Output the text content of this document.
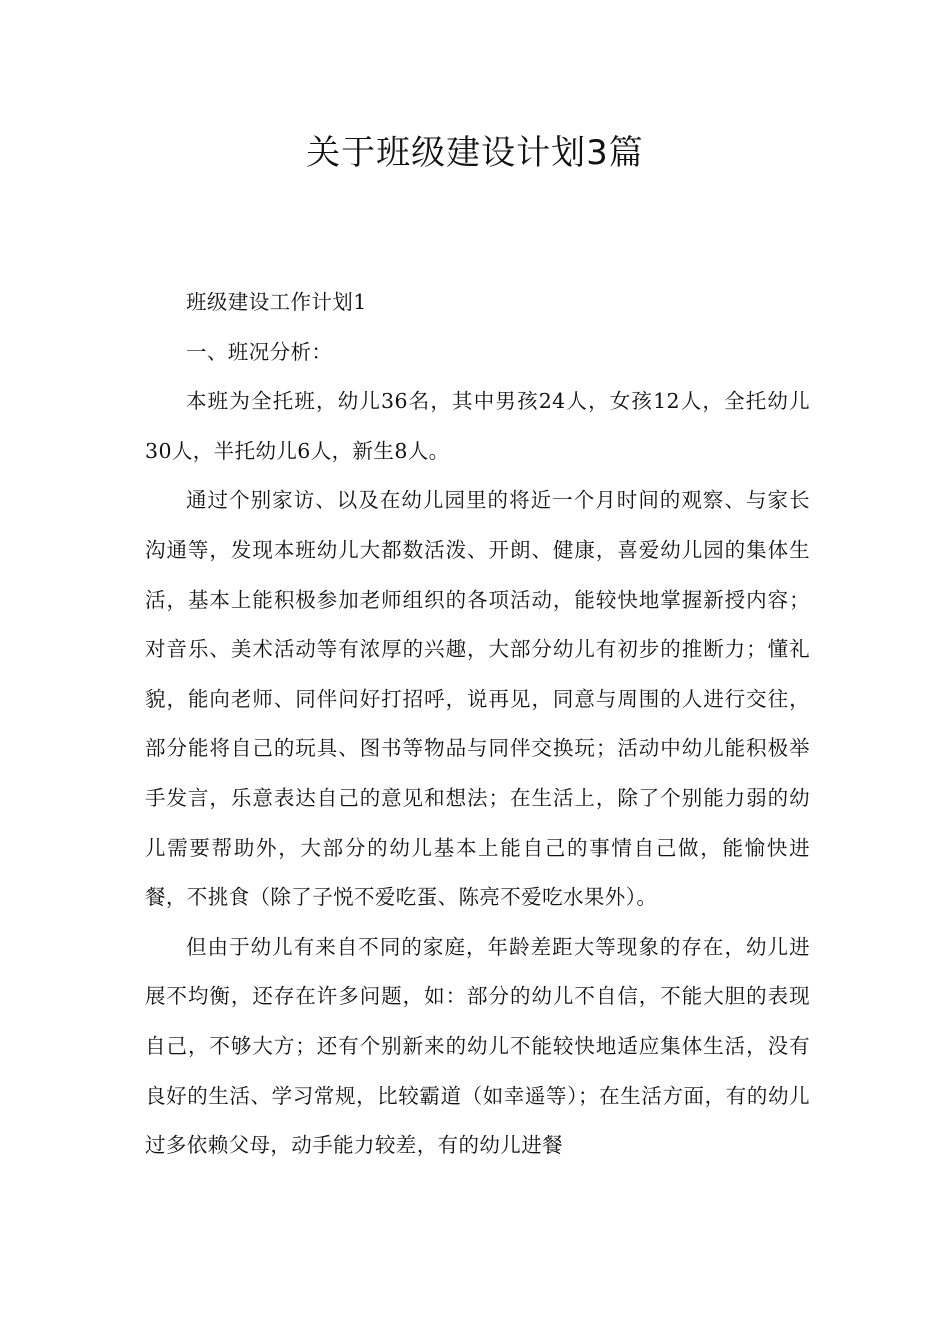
关于班级建设计划3篇

班级建设工作计划1

一、班况分析：

本班为全托班，幼儿36名，其中男孩24人，女孩12人，全托幼儿30人，半托幼儿6人，新生8人。

通过个别家访、以及在幼儿园里的将近一个月时间的观察、与家长沟通等，发现本班幼儿大都数活泼、开朗、健康，喜爱幼儿园的集体生活，基本上能积极参加老师组织的各项活动，能较快地掌握新授内容；对音乐、美术活动等有浓厚的兴趣，大部分幼儿有初步的推断力；懂礼貌，能向老师、同伴问好打招呼，说再见，同意与周围的人进行交往，部分能将自己的玩具、图书等物品与同伴交换玩；活动中幼儿能积极举手发言，乐意表达自己的意见和想法；在生活上，除了个别能力弱的幼儿需要帮助外，大部分的幼儿基本上能自己的事情自己做，能愉快进餐，不挑食（除了子悦不爱吃蛋、陈亮不爱吃水果外）。

但由于幼儿有来自不同的家庭，年龄差距大等现象的存在，幼儿进展不均衡，还存在许多问题，如：部分的幼儿不自信，不能大胆的表现自己，不够大方；还有个别新来的幼儿不能较快地适应集体生活，没有良好的生活、学习常规，比较霸道（如幸遥等）；在生活方面，有的幼儿过多依赖父母，动手能力较差，有的幼儿进餐
